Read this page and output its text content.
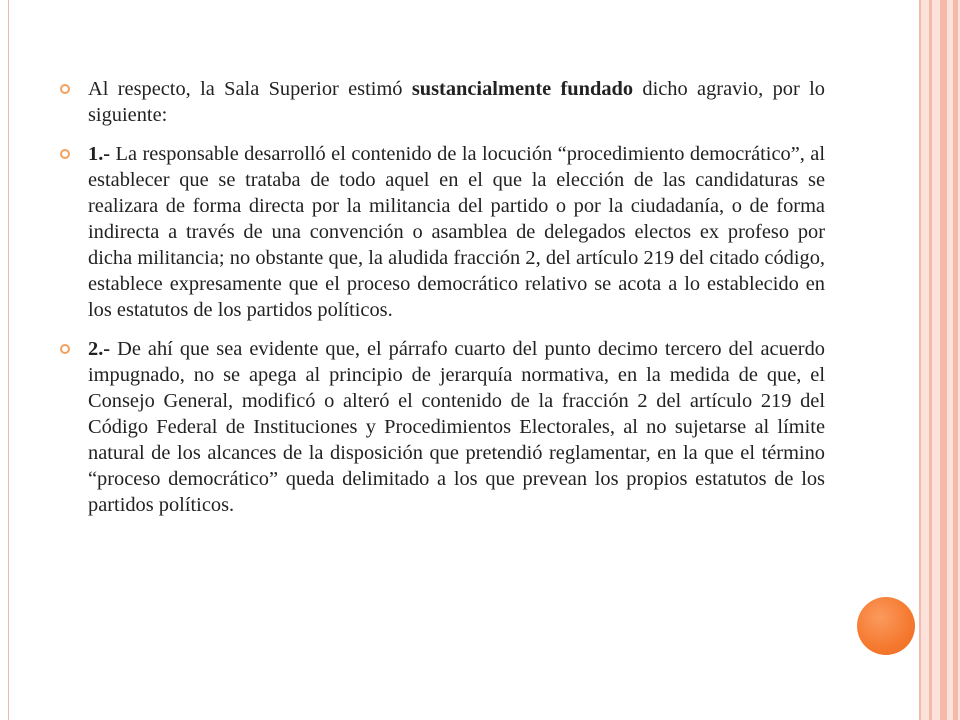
Al respecto, la Sala Superior estimó sustancialmente fundado dicho agravio, por lo siguiente:

1.- La responsable desarrolló el contenido de la locución “procedimiento democrático”, al establecer que se trataba de todo aquel en el que la elección de las candidaturas se realizara de forma directa por la militancia del partido o por la ciudadanía, o de forma indirecta a través de una convención o asamblea de delegados electos ex profeso por dicha militancia; no obstante que, la aludida fracción 2, del artículo 219 del citado código, establece expresamente que el proceso democrático relativo se acota a lo establecido en los estatutos de los partidos políticos.

2.- De ahí que sea evidente que, el párrafo cuarto del punto decimo tercero del acuerdo impugnado, no se apega al principio de jerarquía normativa, en la medida de que, el Consejo General, modificó o alteró el contenido de la fracción 2 del artículo 219 del Código Federal de Instituciones y Procedimientos Electorales, al no sujetarse al límite natural de los alcances de la disposición que pretendió reglamentar, en la que el término “proceso democrático” queda delimitado a los que prevean los propios estatutos de los partidos políticos.
